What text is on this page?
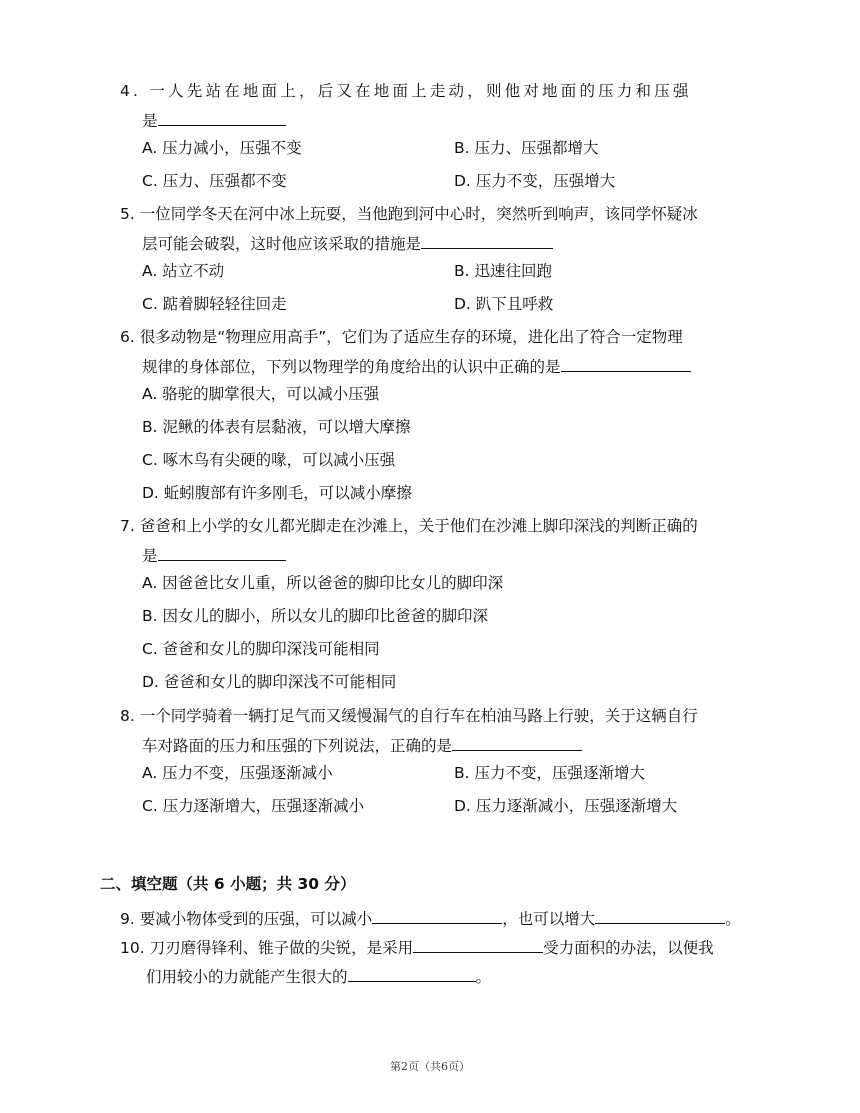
4. 一人先站在地面上，后又在地面上走动，则他对地面的压力和压强
是
A. 压力减小，压强不变	B. 压力、压强都增大
C. 压力、压强都不变	D. 压力不变，压强增大
5. 一位同学冬天在河中冰上玩耍，当他跑到河中心时，突然听到响声，该同学怀疑冰
层可能会破裂，这时他应该采取的措施是
A. 站立不动	B. 迅速往回跑
C. 踮着脚轻轻往回走	D. 趴下且呼救
6. 很多动物是“物理应用高手”，它们为了适应生存的环境，进化出了符合一定物理
规律的身体部位，下列以物理学的角度给出的认识中正确的是
A. 骆驼的脚掌很大，可以减小压强
B. 泥鳅的体表有层黏液，可以增大摩擦
C. 啄木鸟有尖硬的喙，可以减小压强
D. 蚯蚓腹部有许多刚毛，可以减小摩擦
7. 爸爸和上小学的女儿都光脚走在沙滩上，关于他们在沙滩上脚印深浅的判断正确的
是
A. 因爸爸比女儿重，所以爸爸的脚印比女儿的脚印深
B. 因女儿的脚小，所以女儿的脚印比爸爸的脚印深
C. 爸爸和女儿的脚印深浅可能相同
D. 爸爸和女儿的脚印深浅不可能相同
8. 一个同学骑着一辆打足气而又缓慢漏气的自行车在柏油马路上行驶，关于这辆自行
车对路面的压力和压强的下列说法，正确的是
A. 压力不变，压强逐渐减小	B. 压力不变，压强逐渐增大
C. 压力逐渐增大，压强逐渐减小	D. 压力逐渐减小，压强逐渐增大
二、填空题（共 6 小题；共 30 分）
9. 要减小物体受到的压强，可以减小	，也可以增大	。
10. 刀刃磨得锋利、锥子做的尖锐，是采用	受力面积的办法，以便我
们用较小的力就能产生很大的	。
第2页（共6页）
